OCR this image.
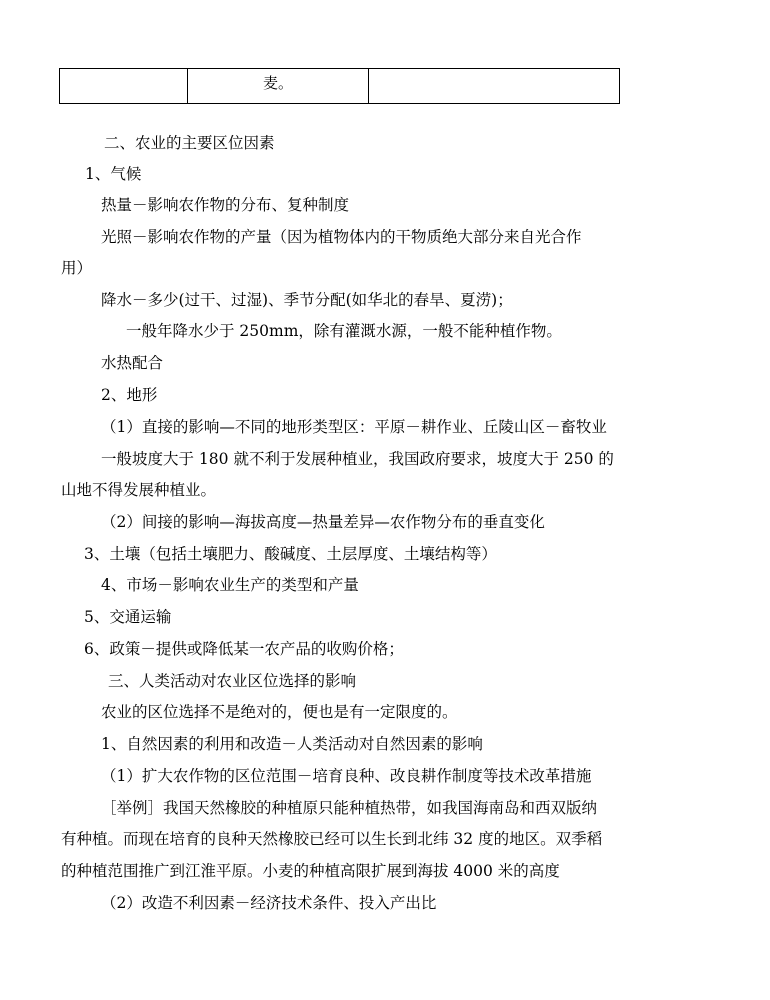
	麦。	
二、农业的主要区位因素
1、气候
热量－影响农作物的分布、复种制度
光照－影响农作物的产量（因为植物体内的干物质绝大部分来自光合作
用）
降水－多少(过干、过湿)、季节分配(如华北的春旱、夏涝)；
一般年降水少于 250mm，除有灌溉水源，一般不能种植作物。
水热配合
2、地形
（1）直接的影响—不同的地形类型区：平原－耕作业、丘陵山区－畜牧业
一般坡度大于 180 就不利于发展种植业，我国政府要求，坡度大于 250 的
山地不得发展种植业。
（2）间接的影响—海拔高度—热量差异—农作物分布的垂直变化
3、土壤（包括土壤肥力、酸碱度、土层厚度、土壤结构等）
4、市场－影响农业生产的类型和产量
5、交通运输
6、政策－提供或降低某一农产品的收购价格；
三、人类活动对农业区位选择的影响
农业的区位选择不是绝对的，便也是有一定限度的。
1、自然因素的利用和改造－人类活动对自然因素的影响
（1）扩大农作物的区位范围－培育良种、改良耕作制度等技术改革措施
［举例］我国天然橡胶的种植原只能种植热带，如我国海南岛和西双版纳
有种植。而现在培育的良种天然橡胶已经可以生长到北纬 32 度的地区。双季稻
的种植范围推广到江淮平原。小麦的种植高限扩展到海拔 4000 米的高度
（2）改造不利因素－经济技术条件、投入产出比
